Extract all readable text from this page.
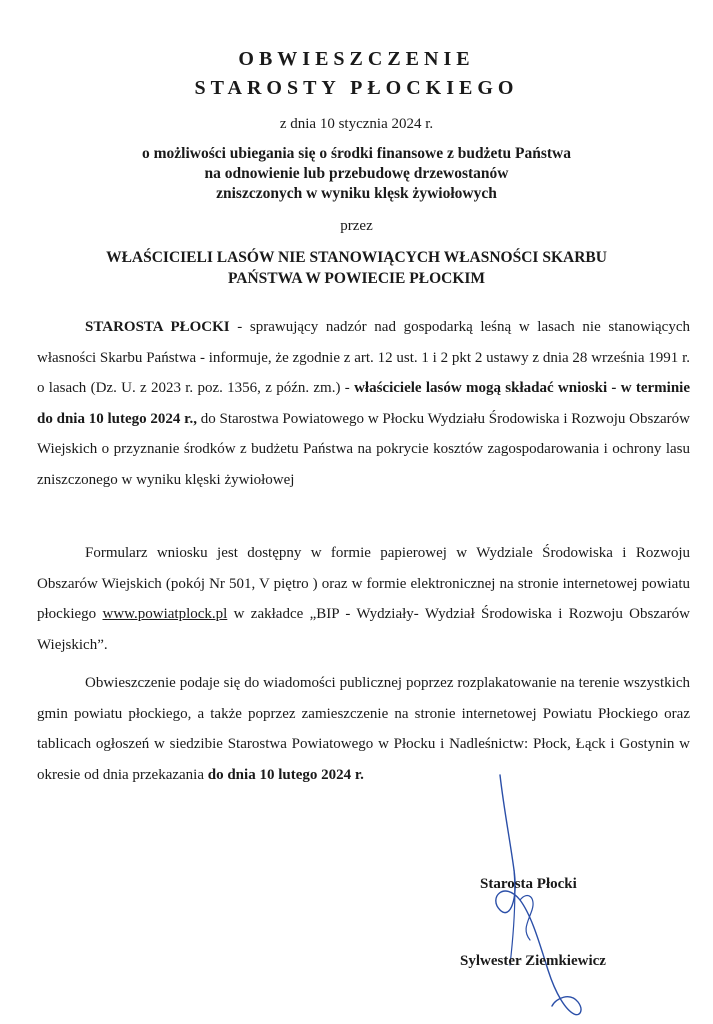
OBWIESZCZENIE
STAROSTY PŁOCKIEGO
z dnia 10 stycznia 2024 r.
o możliwości ubiegania się o środki finansowe z budżetu Państwa
na odnowienie lub przebudowę drzewostanów
zniszczonych w wyniku klęsk żywiołowych
przez
WŁAŚCICIELI LASÓW NIE STANOWIĄCYCH WŁASNOŚCI SKARBU
PAŃSTWA W POWIECIE PŁOCKIM
STAROSTA PŁOCKI - sprawujący nadzór nad gospodarką leśną w lasach nie stanowiących własności Skarbu Państwa - informuje, że zgodnie z art. 12 ust. 1 i 2 pkt 2 ustawy z dnia 28 września 1991 r. o lasach (Dz. U. z 2023 r. poz. 1356, z późn. zm.) - właściciele lasów mogą składać wnioski - w terminie do dnia 10 lutego 2024 r., do Starostwa Powiatowego w Płocku Wydziału Środowiska i Rozwoju Obszarów Wiejskich o przyznanie środków z budżetu Państwa na pokrycie kosztów zagospodarowania i ochrony lasu zniszczonego w wyniku klęski żywiołowej
Formularz wniosku jest dostępny w formie papierowej w Wydziale Środowiska i Rozwoju Obszarów Wiejskich (pokój Nr 501, V piętro ) oraz w formie elektronicznej na stronie internetowej powiatu płockiego www.powiatplock.pl w zakładce „BIP - Wydziały- Wydział Środowiska i Rozwoju Obszarów Wiejskich”.
Obwieszczenie podaje się do wiadomości publicznej poprzez rozplakatowanie na terenie wszystkich gmin powiatu płockiego, a także poprzez zamieszczenie na stronie internetowej Powiatu Płockiego oraz tablicach ogłoszeń w siedzibie Starostwa Powiatowego w Płocku i Nadleśnictw: Płock, Łąck i Gostynin w okresie od dnia przekazania do dnia 10 lutego 2024 r.
Starosta Płocki
Sylwester Ziemkiewicz
